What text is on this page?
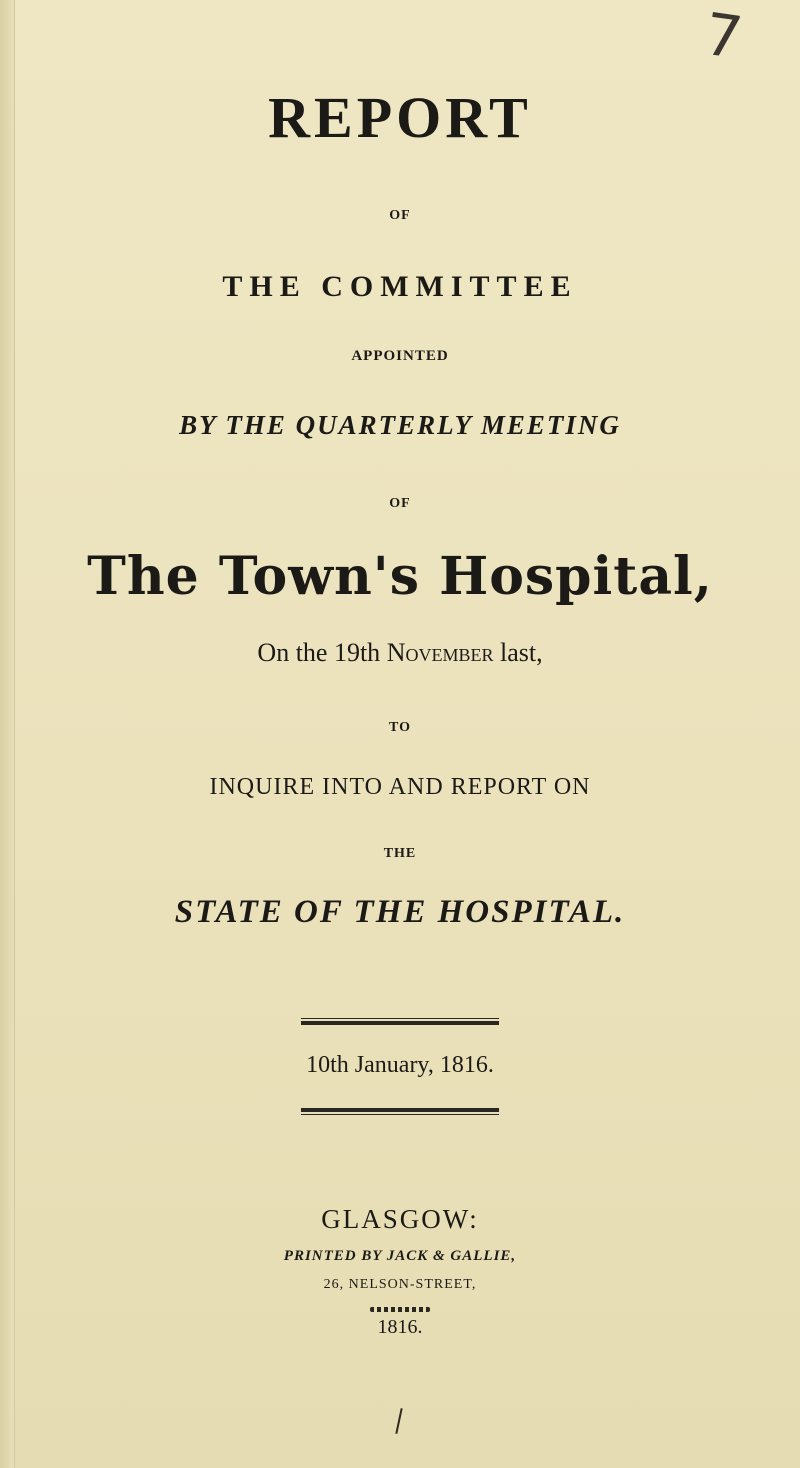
7
REPORT

OF

THE COMMITTEE

APPOINTED

BY THE QUARTERLY MEETING

OF

The Town's Hospital,

On the 19th November last,

TO

INQUIRE INTO AND REPORT ON

THE

STATE OF THE HOSPITAL.

10th January, 1816.

GLASGOW:

PRINTED BY JACK & GALLIE,

26, NELSON-STREET,

1816.
